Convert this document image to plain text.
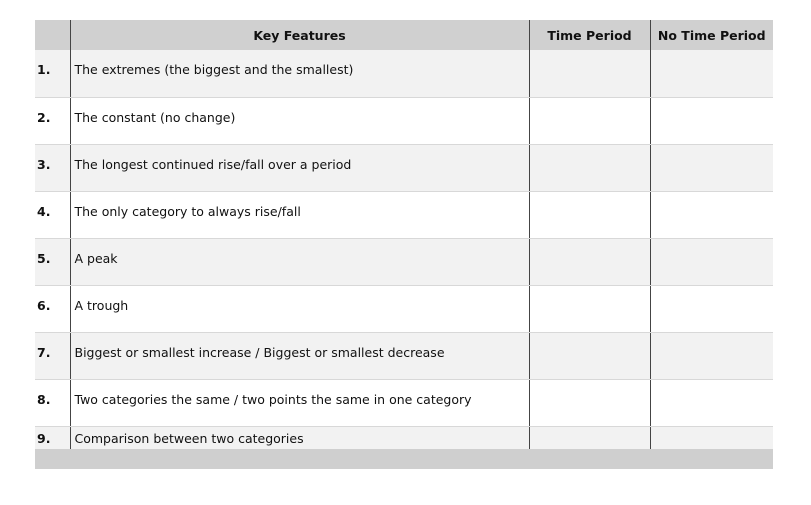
	Key Features	Time Period	No Time Period
1.	The extremes (the biggest and the smallest)		
2.	The constant (no change)		
3.	The longest continued rise/fall over a period		
4.	The only category to always rise/fall		
5.	A peak		
6.	A trough		
7.	Biggest or smallest increase / Biggest or smallest decrease		
8.	Two categories the same / two points the same in one category		
9.	Comparison between two categories		
